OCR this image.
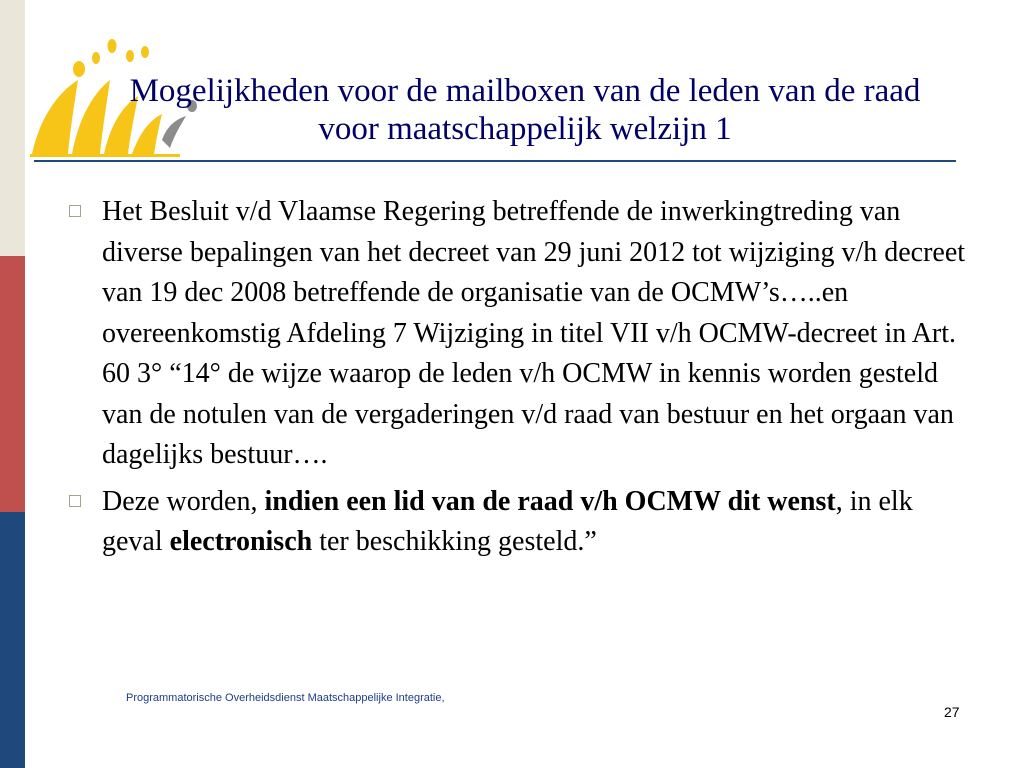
Mogelijkheden voor de mailboxen van de leden van de raad
voor maatschappelijk welzijn 1
Het Besluit v/d Vlaamse Regering betreffende de inwerkingtreding van diverse bepalingen van het decreet van 29 juni 2012 tot wijziging v/h decreet van 19 dec 2008 betreffende de organisatie van de OCMW’s…..en overeenkomstig Afdeling 7 Wijziging in titel VII v/h OCMW-decreet in Art. 60 3° “14° de wijze waarop de leden v/h OCMW in kennis worden gesteld van de notulen van de vergaderingen v/d raad van bestuur en het orgaan van dagelijks bestuur….
Deze worden, indien een lid van de raad v/h OCMW dit wenst, in elk geval electronisch ter beschikking gesteld.”
Programmatorische Overheidsdienst Maatschappelijke Integratie,
27
